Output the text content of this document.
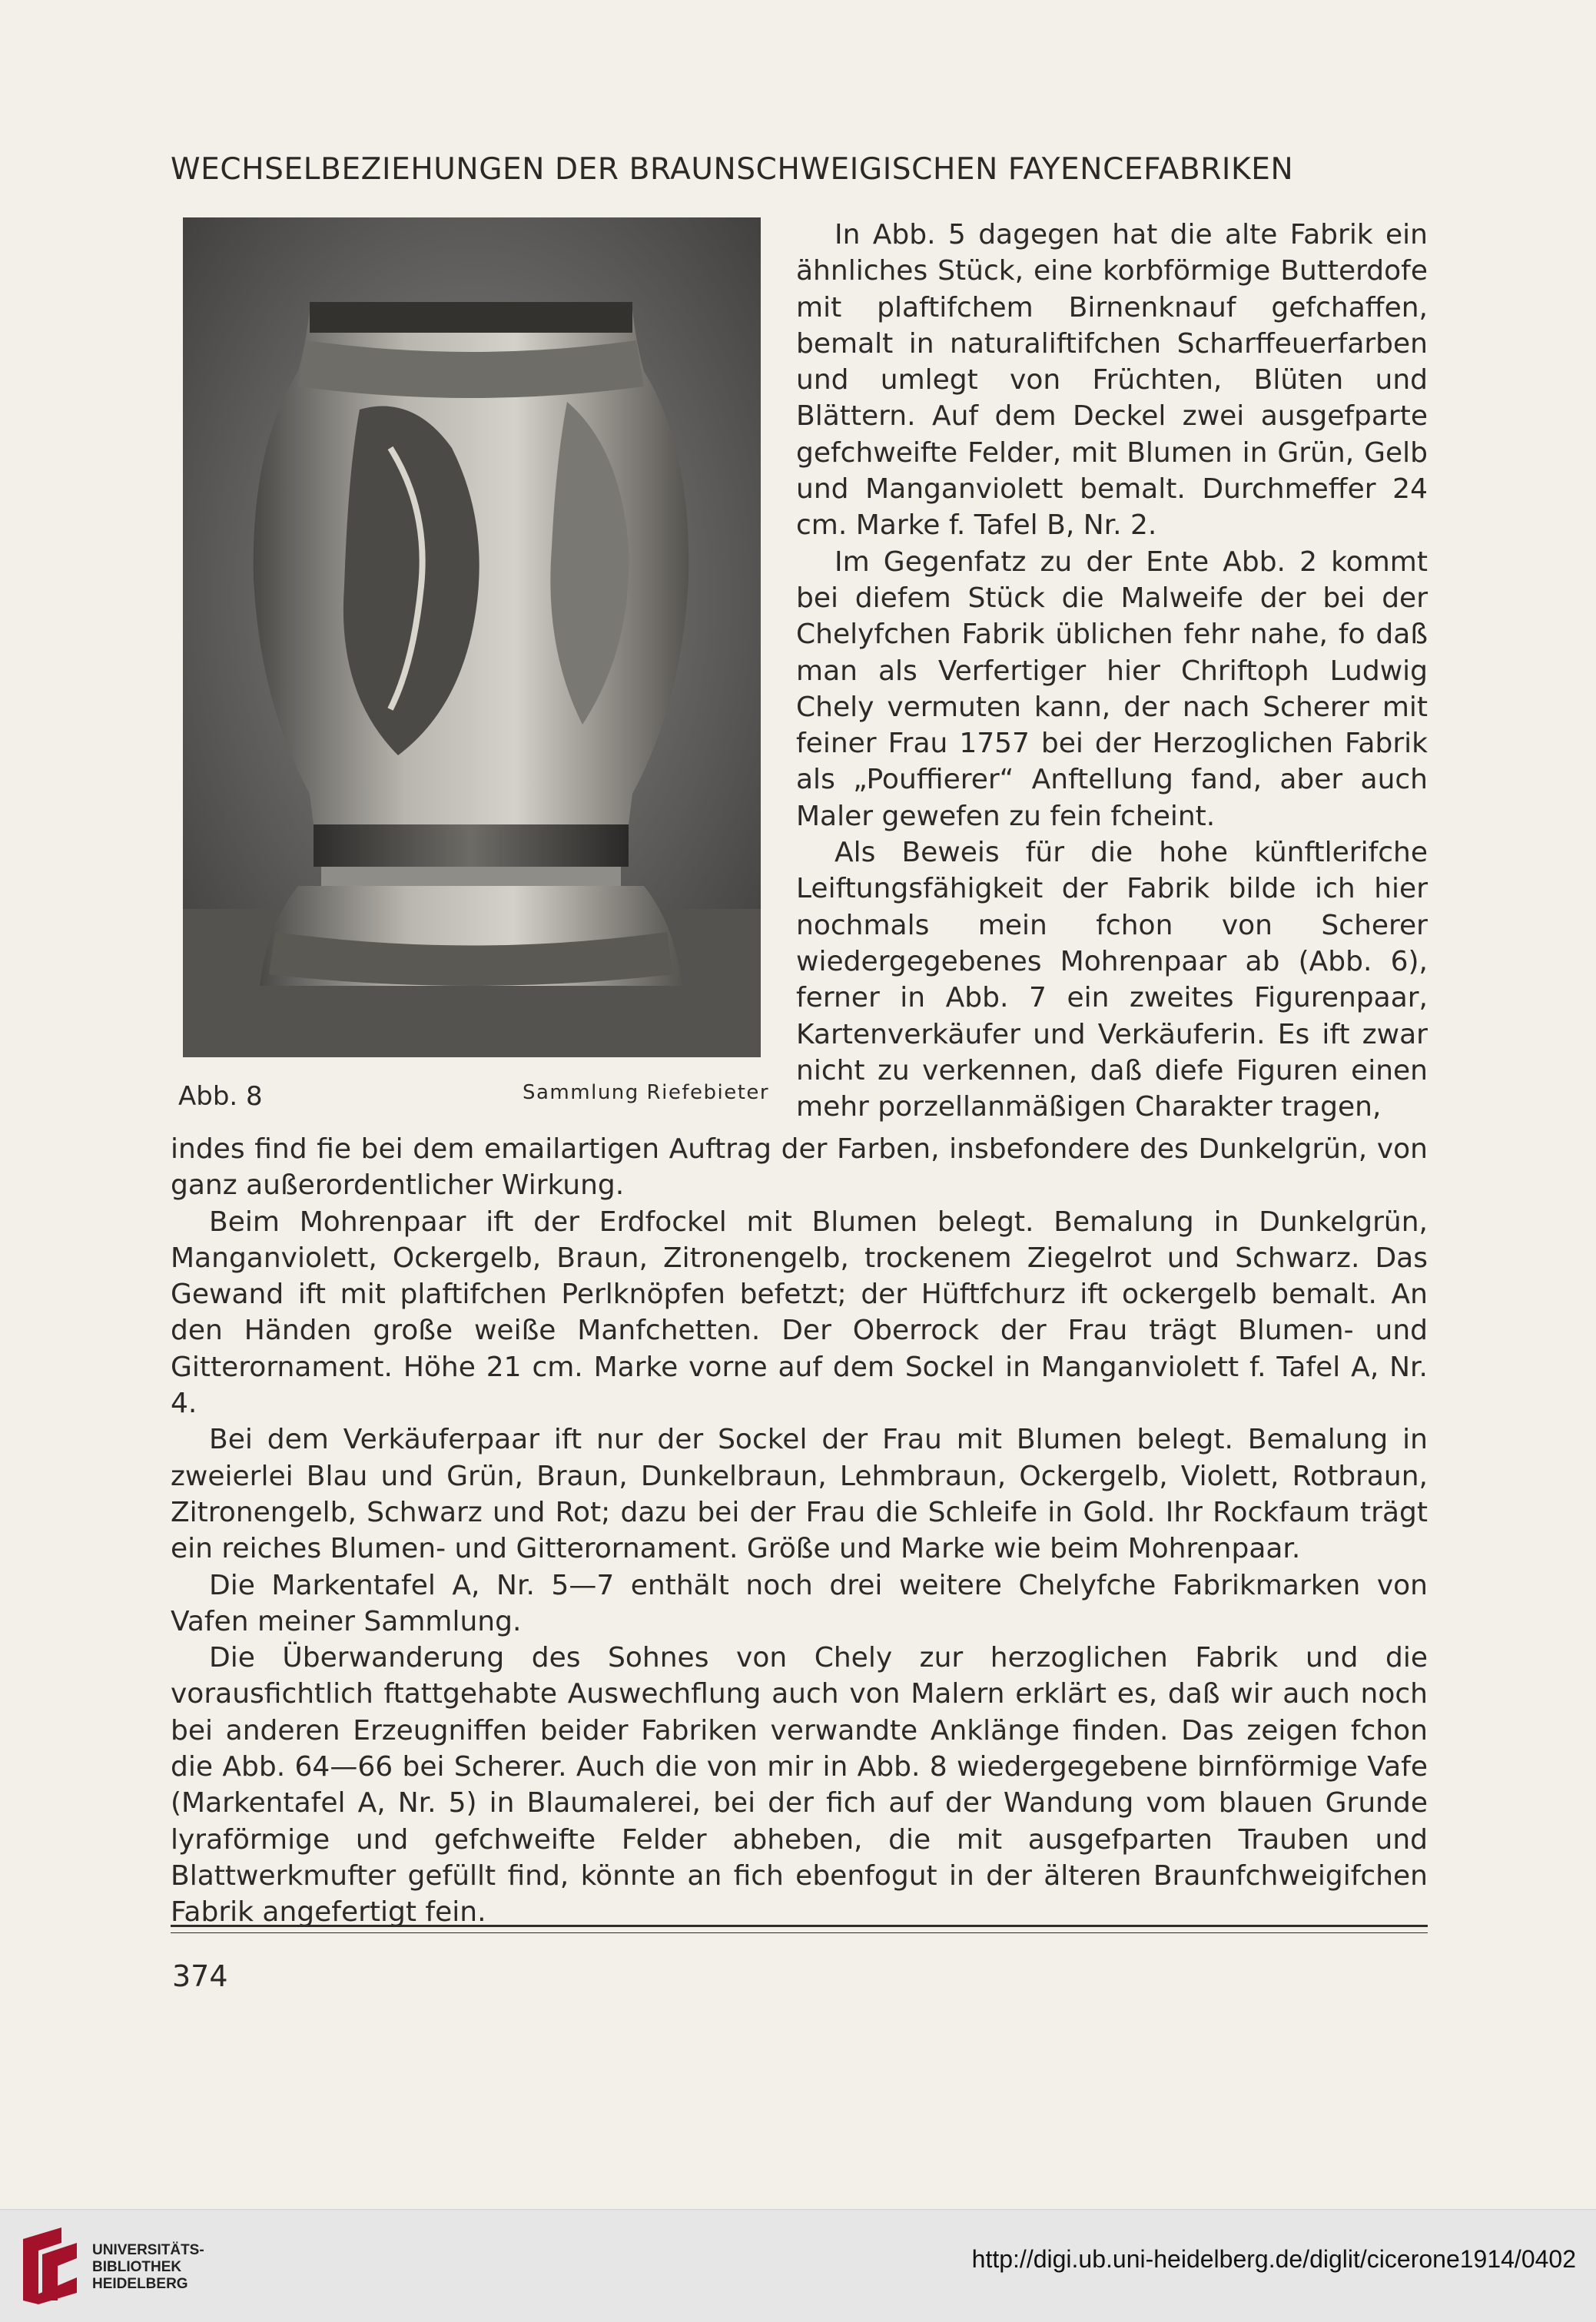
WECHSELBEZIEHUNGEN DER BRAUNSCHWEIGISCHEN FAYENCEFABRIKEN
Abb. 8	Sammlung Riefebieter

In Abb. 5 dagegen hat die alte Fabrik ein ähnliches Stück, eine korbförmige Butterdofe mit plaftifchem Birnenknauf gefchaffen, bemalt in naturaliftifchen Scharffeuerfarben und umlegt von Früchten, Blüten und Blättern. Auf dem Deckel zwei ausgefparte gefchweifte Felder, mit Blumen in Grün, Gelb und Manganviolett bemalt. Durchmeffer 24 cm. Marke f. Tafel B, Nr. 2.

Im Gegenfatz zu der Ente Abb. 2 kommt bei diefem Stück die Malweife der bei der Chelyfchen Fabrik üblichen fehr nahe, fo daß man als Verfertiger hier Chriftoph Ludwig Chely vermuten kann, der nach Scherer mit feiner Frau 1757 bei der Herzoglichen Fabrik als „Pouffierer“ Anftellung fand, aber auch Maler gewefen zu fein fcheint.

Als Beweis für die hohe künftlerifche Leiftungsfähigkeit der Fabrik bilde ich hier nochmals mein fchon von Scherer wiedergegebenes Mohrenpaar ab (Abb. 6), ferner in Abb. 7 ein zweites Figurenpaar, Kartenverkäufer und Verkäuferin. Es ift zwar nicht zu verkennen, daß diefe Figuren einen mehr porzellanmäßigen Charakter tragen,

indes find fie bei dem emailartigen Auftrag der Farben, insbefondere des Dunkelgrün, von ganz außerordentlicher Wirkung.

Beim Mohrenpaar ift der Erdfockel mit Blumen belegt. Bemalung in Dunkelgrün, Manganviolett, Ockergelb, Braun, Zitronengelb, trockenem Ziegelrot und Schwarz. Das Gewand ift mit plaftifchen Perlknöpfen befetzt; der Hüftfchurz ift ockergelb bemalt. An den Händen große weiße Manfchetten. Der Oberrock der Frau trägt Blumen- und Gitterornament. Höhe 21 cm. Marke vorne auf dem Sockel in Manganviolett f. Tafel A, Nr. 4.

Bei dem Verkäuferpaar ift nur der Sockel der Frau mit Blumen belegt. Bemalung in zweierlei Blau und Grün, Braun, Dunkelbraun, Lehmbraun, Ockergelb, Violett, Rotbraun, Zitronengelb, Schwarz und Rot; dazu bei der Frau die Schleife in Gold. Ihr Rockfaum trägt ein reiches Blumen- und Gitterornament. Größe und Marke wie beim Mohrenpaar.

Die Markentafel A, Nr. 5—7 enthält noch drei weitere Chelyfche Fabrikmarken von Vafen meiner Sammlung.

Die Überwanderung des Sohnes von Chely zur herzoglichen Fabrik und die vorausfichtlich ftattgehabte Auswechflung auch von Malern erklärt es, daß wir auch noch bei anderen Erzeugniffen beider Fabriken verwandte Anklänge finden. Das zeigen fchon die Abb. 64—66 bei Scherer. Auch die von mir in Abb. 8 wiedergegebene birnförmige Vafe (Markentafel A, Nr. 5) in Blaumalerei, bei der fich auf der Wandung vom blauen Grunde lyraförmige und gefchweifte Felder abheben, die mit ausgefparten Trauben und Blattwerkmufter gefüllt find, könnte an fich ebenfogut in der älteren Braunfchweigifchen Fabrik angefertigt fein.

374
UNIVERSITÄTS-
BIBLIOTHEK
HEIDELBERG
http://digi.ub.uni-heidelberg.de/diglit/cicerone1914/0402
